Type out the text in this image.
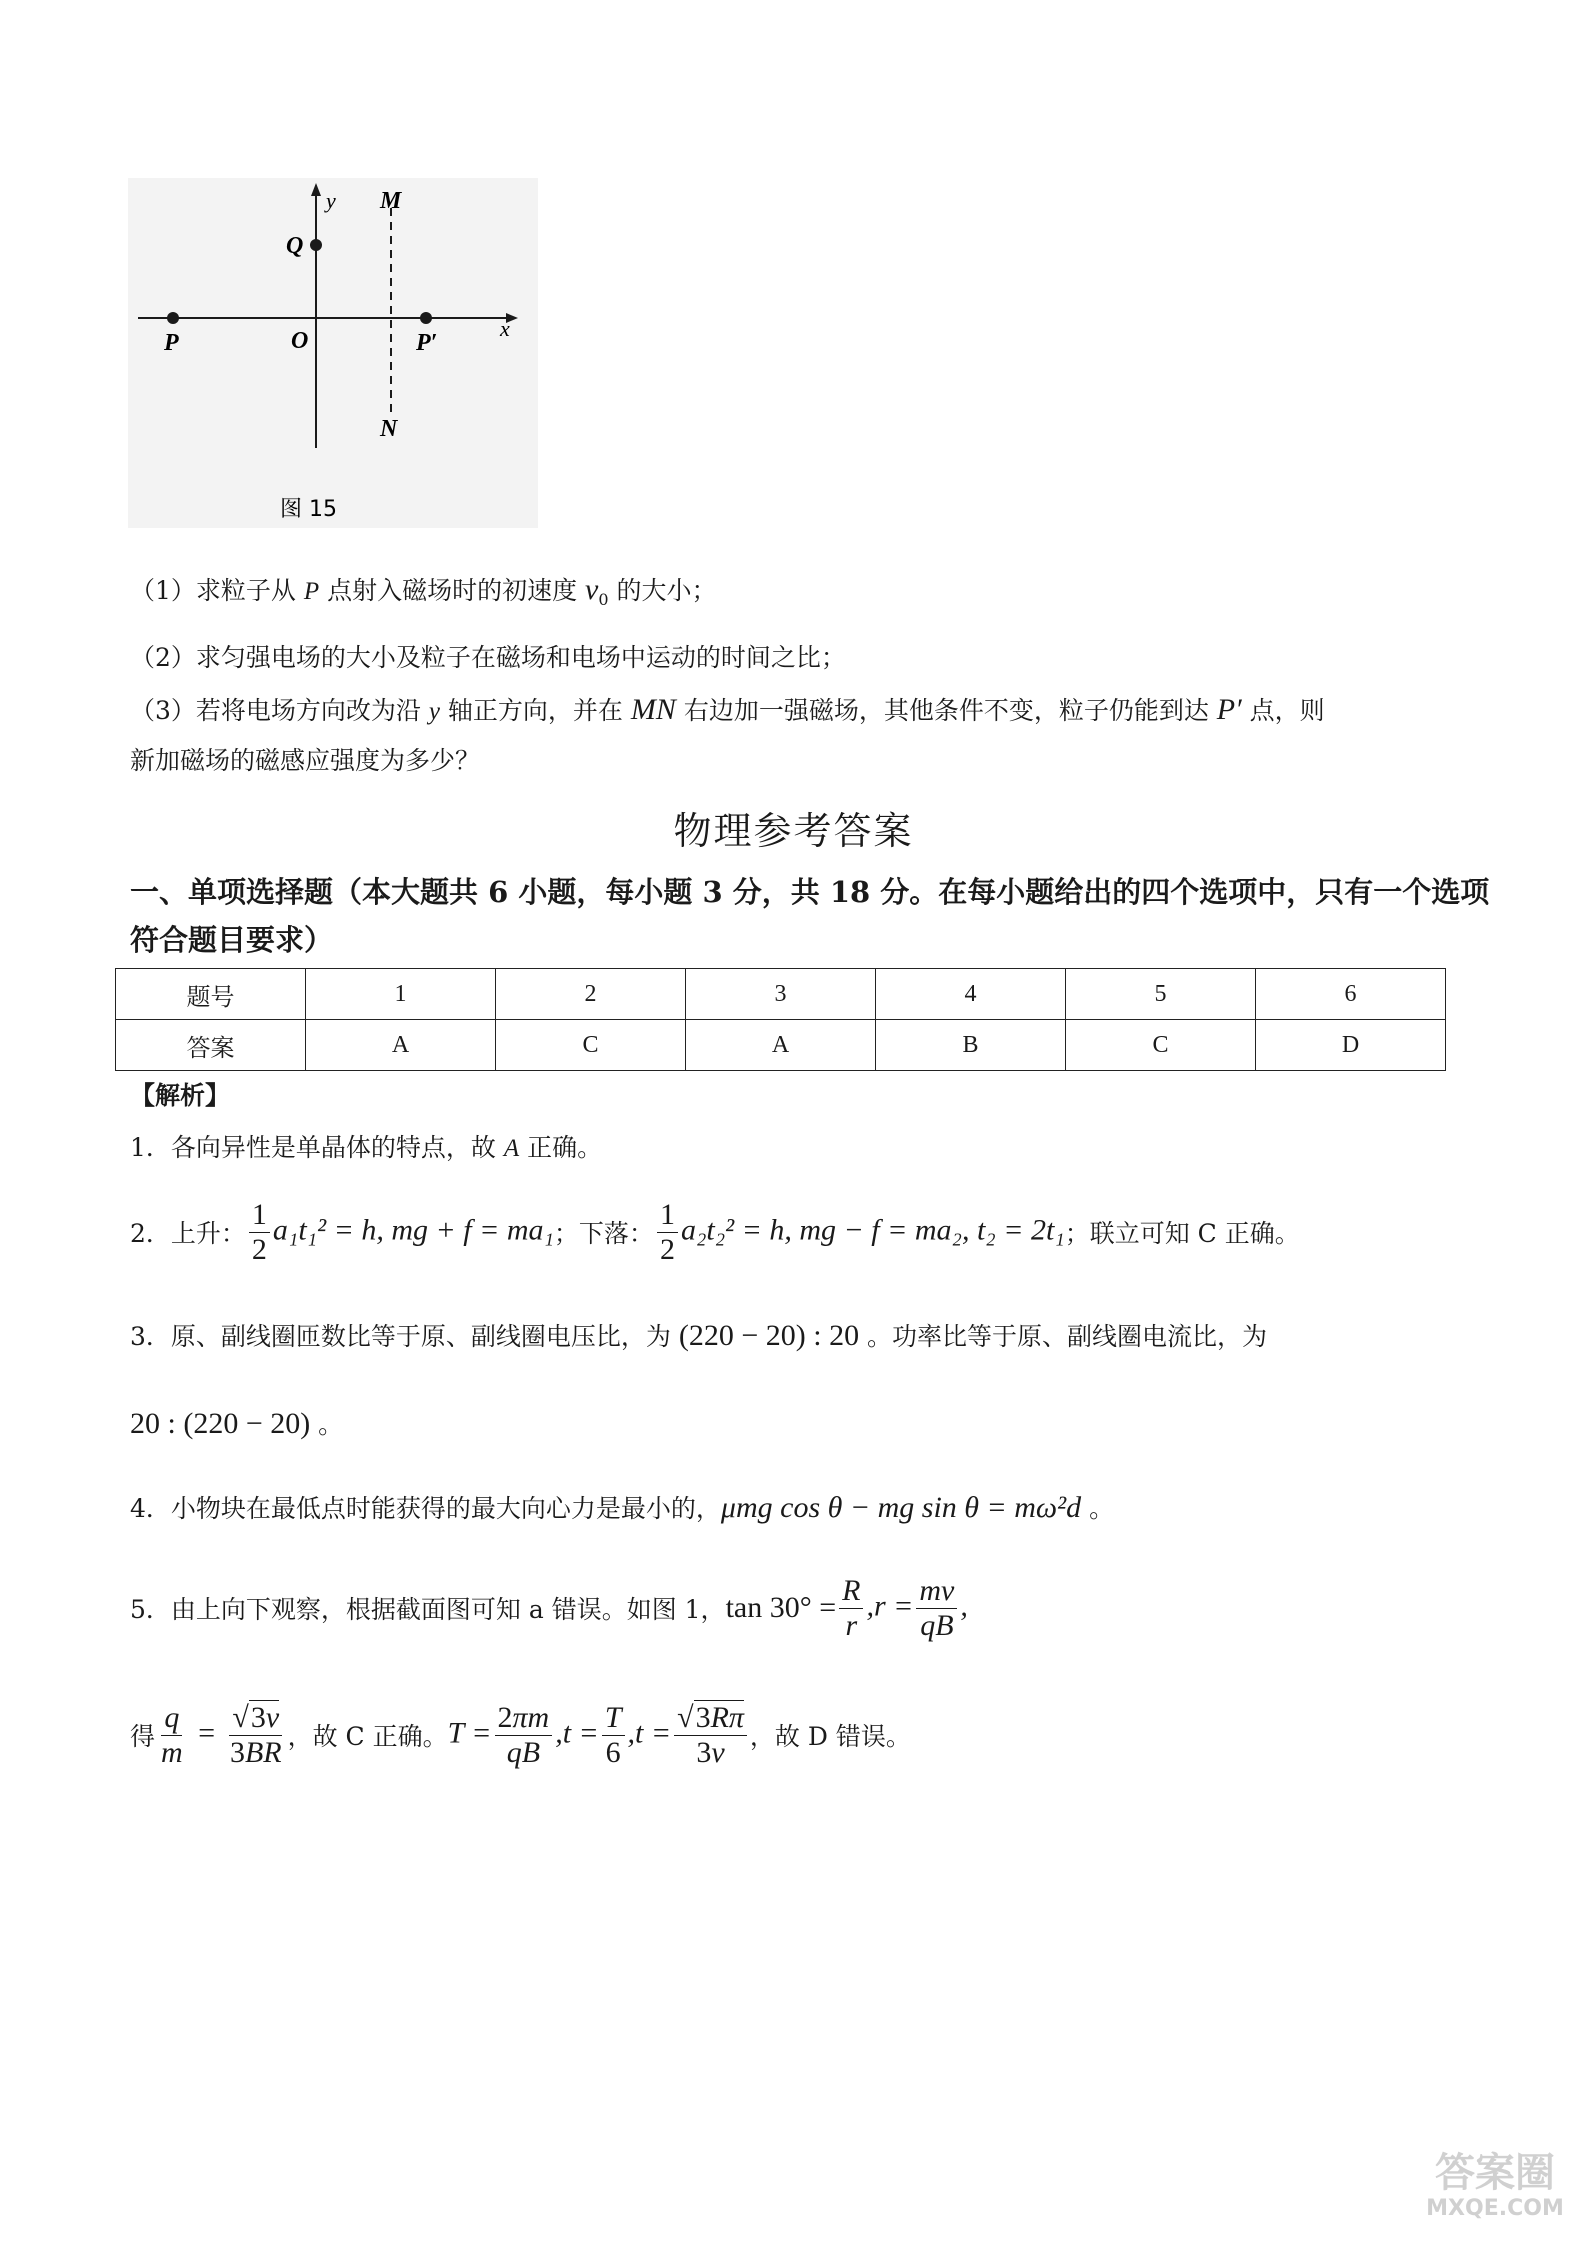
y M
Q
P	O	P′
x
N
图 15
（1）求粒子从 P 点射入磁场时的初速度 $v_0$ 的大小；
（2）求匀强电场的大小及粒子在磁场和电场中运动的时间之比；
（3）若将电场方向改为沿 y 轴正方向，并在 MN 右边加一强磁场，其他条件不变，粒子仍能到达 P′ 点，则
新加磁场的磁感应强度为多少？
物理参考答案
一、单项选择题（本大题共 6 小题，每小题 3 分，共 18 分。在每小题给出的四个选项中，只有一个选项符合题目要求）
题号	1	2	3	4	5	6
答案	A	C	A	B	C	D
【解析】
1．各向异性是单晶体的特点，故 A 正确。
2．上升： $\frac{1}{2} a_1t_1^2 = h$, mg + f = ma₁ ；下落： $\frac{1}{2} a_2t_2^2 = h$, mg − f = ma₂, t₂ = 2t₁ ；联立可知 C 正确。
3．原、副线圈匝数比等于原、副线圈电压比，为 (220 − 20) : 20 。功率比等于原、副线圈电流比，为
20 : (220 − 20) 。
4．小物块在最低点时能获得的最大向心力是最小的，μmg cos θ − mg sin θ = mω²d 。
5．由上向下观察，根据截面图可知 a 错误。如图 1， $\tan 30^\circ = \frac{R}{r} ,r = \frac{mv}{qB}$ ,
得 $\frac{q}{m} = \frac{√3v}{3BR}$ ，故 C 正确。 $T = \frac{2\pi m}{qB} ,t = \frac{T}{6} ,t = \frac{√3R\pi}{3v}$ ，故 D 错误。
答案圈
MXQE.COM
